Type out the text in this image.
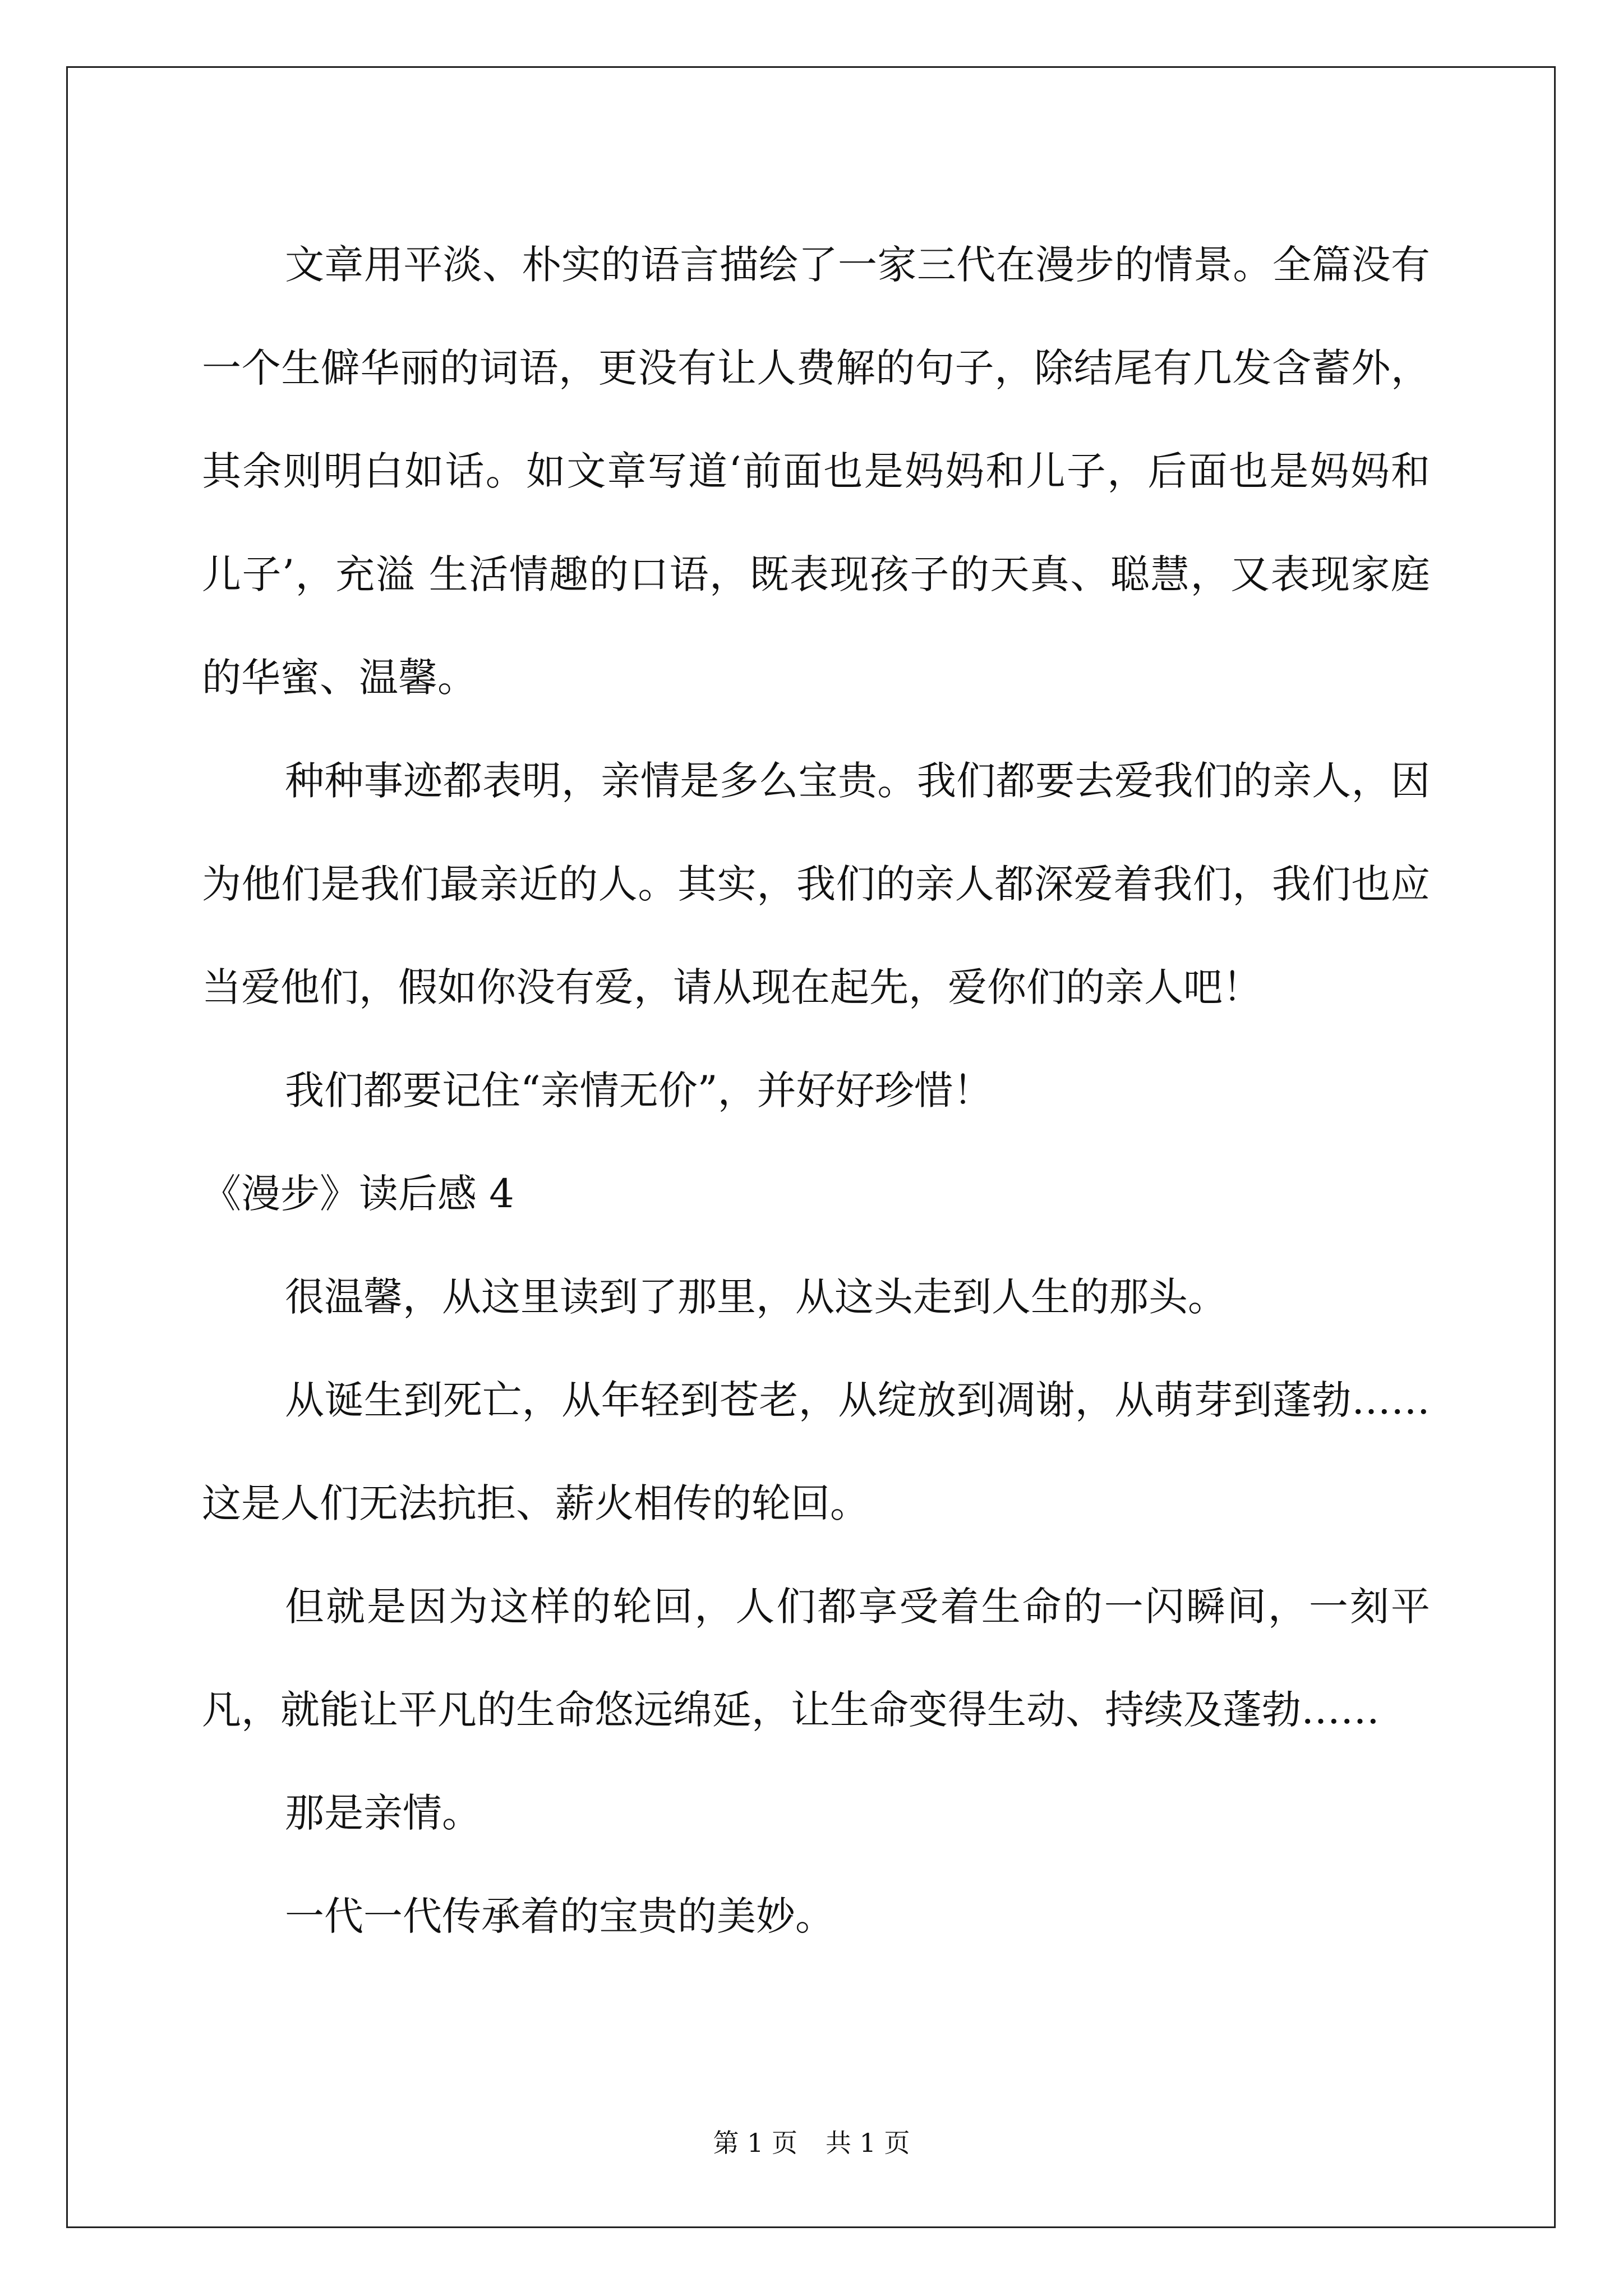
文章用平淡、朴实的语言描绘了一家三代在漫步的情景。全篇没有一个生僻华丽的词语，更没有让人费解的句子，除结尾有几发含蓄外，其余则明白如话。如文章写道‘前面也是妈妈和儿子，后面也是妈妈和儿子’，充溢 生活情趣的口语，既表现孩子的天真、聪慧，又表现家庭的华蜜、温馨。

种种事迹都表明，亲情是多么宝贵。我们都要去爱我们的亲人，因为他们是我们最亲近的人。其实，我们的亲人都深爱着我们，我们也应当爱他们，假如你没有爱，请从现在起先，爱你们的亲人吧！

我们都要记住“亲情无价”，并好好珍惜！

《漫步》读后感 4

很温馨，从这里读到了那里，从这头走到人生的那头。

从诞生到死亡，从年轻到苍老，从绽放到凋谢，从萌芽到蓬勃……这是人们无法抗拒、薪火相传的轮回。

但就是因为这样的轮回，人们都享受着生命的一闪瞬间，一刻平凡，就能让平凡的生命悠远绵延，让生命变得生动、持续及蓬勃……

那是亲情。

一代一代传承着的宝贵的美妙。

第 1 页 共 1 页
